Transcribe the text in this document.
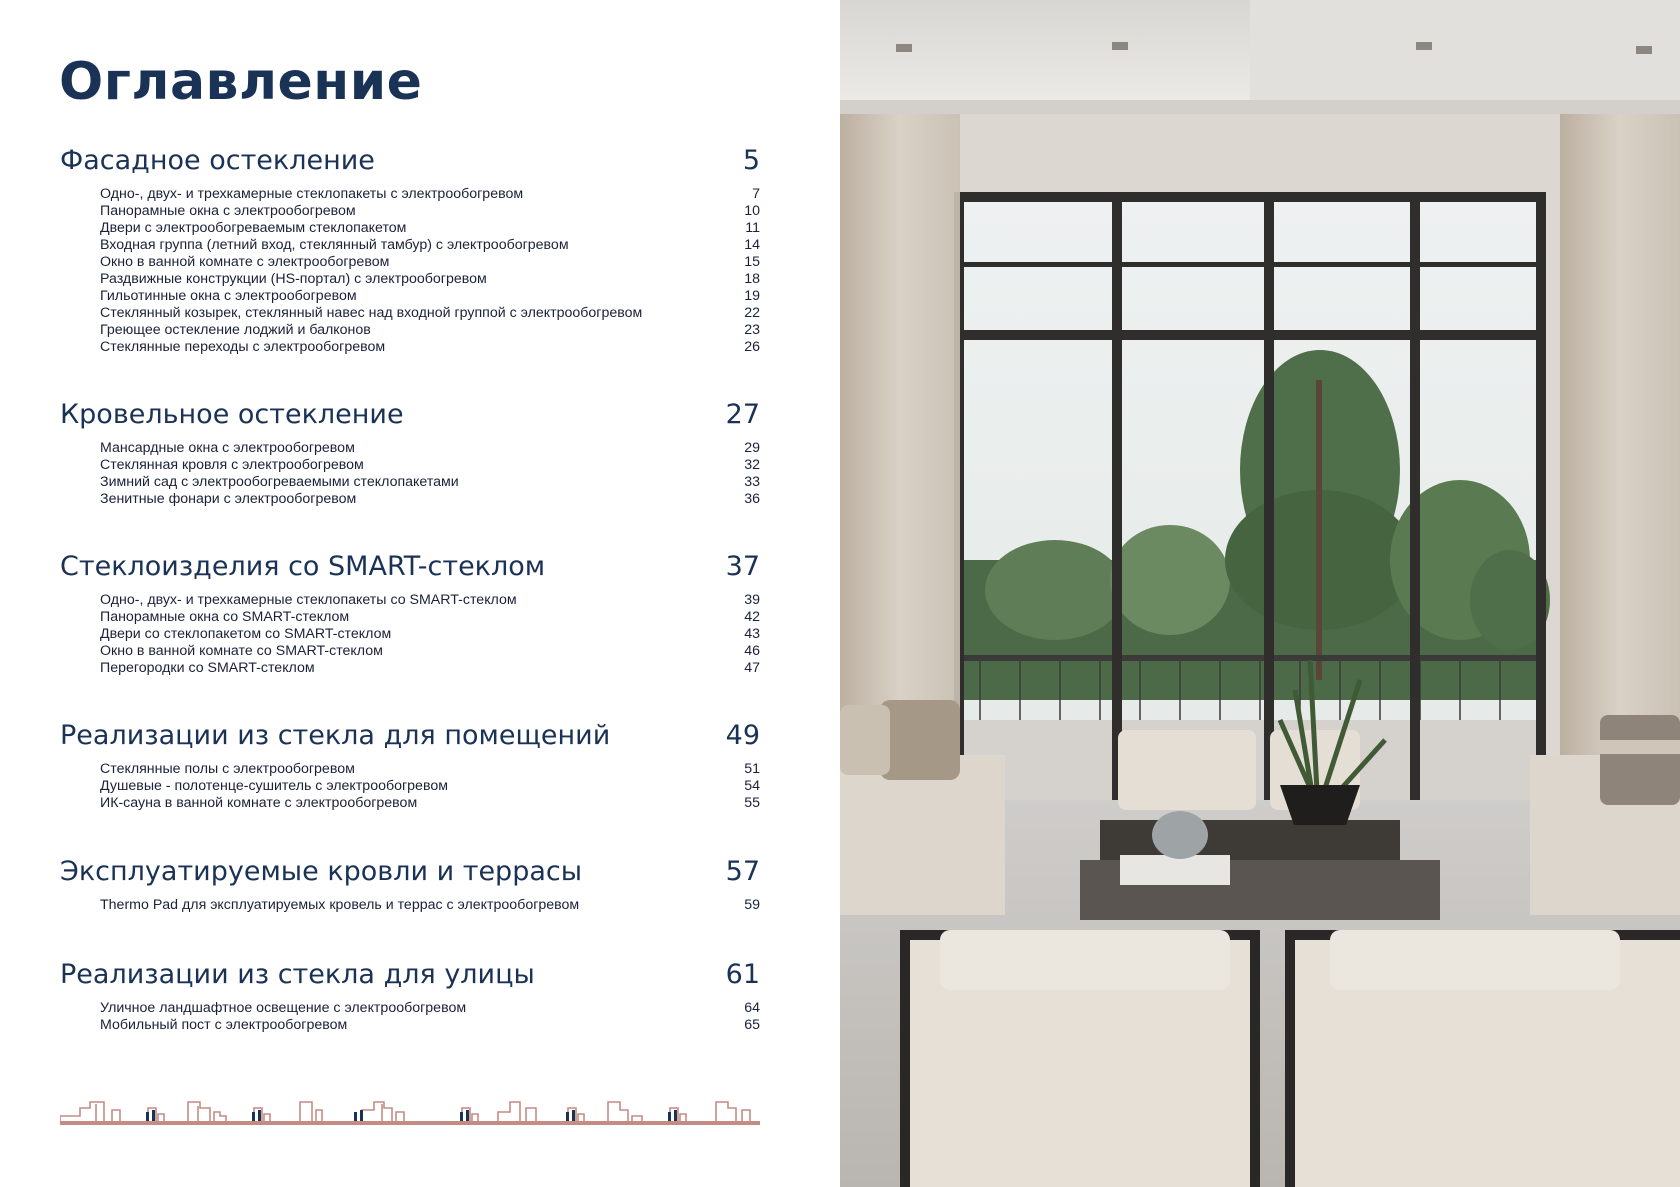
Оглавление
Фасадное остекление	5
Одно-, двух- и трехкамерные стеклопакеты с электрообогревом	7
Панорамные окна с электрообогревом	10
Двери с электрообогреваемым стеклопакетом	11
Входная группа (летний вход, стеклянный тамбур) с электрообогревом	14
Окно в ванной комнате с электрообогревом	15
Раздвижные конструкции (HS-портал) с электрообогревом	18
Гильотинные окна с электрообогревом	19
Стеклянный козырек, стеклянный навес над входной группой с электрообогревом	22
Греющее остекление лоджий и балконов	23
Стеклянные переходы с электрообогревом	26
Кровельное остекление	27
Мансардные окна с электрообогревом	29
Стеклянная кровля с электрообогревом	32
Зимний сад с электрообогреваемыми стеклопакетами	33
Зенитные фонари с электрообогревом	36
Стеклоизделия со SMART-стеклом	37
Одно-, двух- и трехкамерные стеклопакеты со SMART-стеклом	39
Панорамные окна со SMART-стеклом	42
Двери со стеклопакетом со SMART-стеклом	43
Окно в ванной комнате со SMART-стеклом	46
Перегородки со SMART-стеклом	47
Реализации из стекла для помещений	49
Стеклянные полы с электрообогревом	51
Душевые - полотенце-сушитель с электрообогревом	54
ИК-сауна в ванной комнате с электрообогревом	55
Эксплуатируемые кровли и террасы	57
Thermo Pad для эксплуатируемых кровель и террас с электрообогревом	59
Реализации из стекла для улицы	61
Уличное ландшафтное освещение с электрообогревом	64
Мобильный пост с электрообогревом	65
